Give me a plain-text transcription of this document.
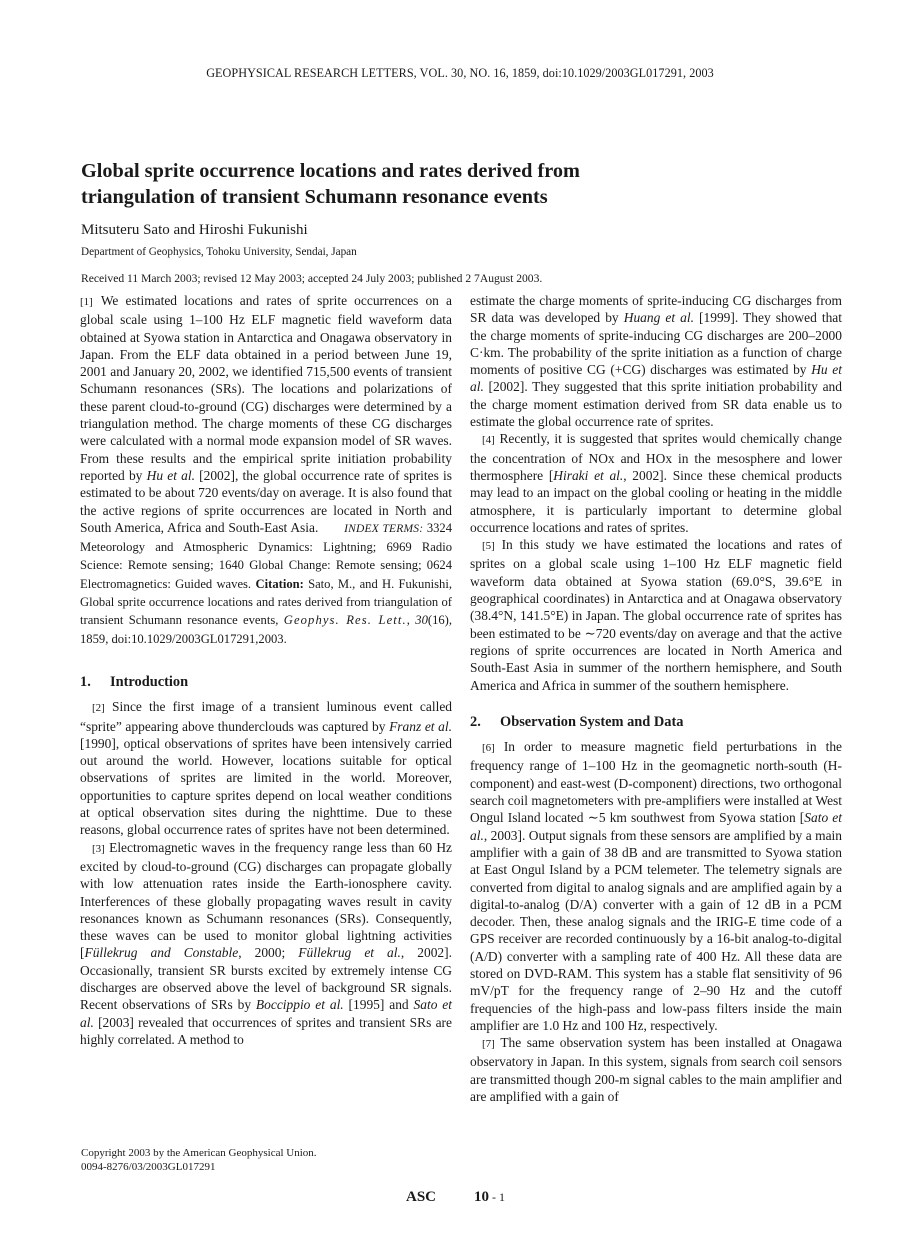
GEOPHYSICAL RESEARCH LETTERS, VOL. 30, NO. 16, 1859, doi:10.1029/2003GL017291, 2003
Global sprite occurrence locations and rates derived from
triangulation of transient Schumann resonance events
Mitsuteru Sato and Hiroshi Fukunishi
Department of Geophysics, Tohoku University, Sendai, Japan
Received 11 March 2003; revised 12 May 2003; accepted 24 July 2003; published 2 7August 2003.
[1] We estimated locations and rates of sprite occurrences on a global scale using 1–100 Hz ELF magnetic field waveform data obtained at Syowa station in Antarctica and Onagawa observatory in Japan. From the ELF data obtained in a period between June 19, 2001 and January 20, 2002, we identified 715,500 events of transient Schumann resonances (SRs). The locations and polarizations of these parent cloud-to-ground (CG) discharges were determined by a triangulation method. The charge moments of these CG discharges were calculated with a normal mode expansion model of SR waves. From these results and the empirical sprite initiation probability reported by Hu et al. [2002], the global occurrence rate of sprites is estimated to be about 720 events/day on average. It is also found that the active regions of sprite occurrences are located in North and South America, Africa and South-East Asia. INDEX TERMS: 3324 Meteorology and Atmospheric Dynamics: Lightning; 6969 Radio Science: Remote sensing; 1640 Global Change: Remote sensing; 0624 Electromagnetics: Guided waves. Citation: Sato, M., and H. Fukunishi, Global sprite occurrence locations and rates derived from triangulation of transient Schumann resonance events, Geophys. Res. Lett., 30(16), 1859, doi:10.1029/2003GL017291,2003.
1. Introduction
[2] Since the first image of a transient luminous event called “sprite” appearing above thunderclouds was captured by Franz et al. [1990], optical observations of sprites have been intensively carried out around the world. However, locations suitable for optical observations of sprites are limited in the world. Moreover, opportunities to capture sprites depend on local weather conditions at optical observation sites during the nighttime. Due to these reasons, global occurrence rates of sprites have not been determined.
[3] Electromagnetic waves in the frequency range less than 60 Hz excited by cloud-to-ground (CG) discharges can propagate globally with low attenuation rates inside the Earth-ionosphere cavity. Interferences of these globally propagating waves result in cavity resonances known as Schumann resonances (SRs). Consequently, these waves can be used to monitor global lightning activities [Füllekrug and Constable, 2000; Füllekrug et al., 2002]. Occasionally, transient SR bursts excited by extremely intense CG discharges are observed above the level of background SR signals. Recent observations of SRs by Boccippio et al. [1995] and Sato et al. [2003] revealed that occurrences of sprites and transient SRs are highly correlated. A method to
estimate the charge moments of sprite-inducing CG discharges from SR data was developed by Huang et al. [1999]. They showed that the charge moments of sprite-inducing CG discharges are 200–2000 C·km. The probability of the sprite initiation as a function of charge moments of positive CG (+CG) discharges was estimated by Hu et al. [2002]. They suggested that this sprite initiation probability and the charge moment estimation derived from SR data enable us to estimate the global occurrence rate of sprites.
[4] Recently, it is suggested that sprites would chemically change the concentration of NOx and HOx in the mesosphere and lower thermosphere [Hiraki et al., 2002]. Since these chemical products may lead to an impact on the global cooling or heating in the middle atmosphere, it is particularly important to determine global occurrence locations and rates of sprites.
[5] In this study we have estimated the locations and rates of sprites on a global scale using 1–100 Hz ELF magnetic field waveform data obtained at Syowa station (69.0°S, 39.6°E in geographical coordinates) in Antarctica and at Onagawa observatory (38.4°N, 141.5°E) in Japan. The global occurrence rate of sprites has been estimated to be ∼720 events/day on average and that the active regions of sprite occurrences are located in North America and South-East Asia in summer of the northern hemisphere, and South America and Africa in summer of the southern hemisphere.
2. Observation System and Data
[6] In order to measure magnetic field perturbations in the frequency range of 1–100 Hz in the geomagnetic north-south (H-component) and east-west (D-component) directions, two orthogonal search coil magnetometers with pre-amplifiers were installed at West Ongul Island located ∼5 km southwest from Syowa station [Sato et al., 2003]. Output signals from these sensors are amplified by a main amplifier with a gain of 38 dB and are transmitted to Syowa station at East Ongul Island by a PCM telemeter. The telemetry signals are converted from digital to analog signals and are amplified again by a digital-to-analog (D/A) converter with a gain of 12 dB in a PCM decoder. Then, these analog signals and the IRIG-E time code of a GPS receiver are recorded continuously by a 16-bit analog-to-digital (A/D) converter with a sampling rate of 400 Hz. All these data are stored on DVD-RAM. This system has a stable flat sensitivity of 96 mV/pT for the frequency range of 2–90 Hz and the cutoff frequencies of the high-pass and low-pass filters inside the main amplifier are 1.0 Hz and 100 Hz, respectively.
[7] The same observation system has been installed at Onagawa observatory in Japan. In this system, signals from search coil sensors are transmitted though 200-m signal cables to the main amplifier and are amplified with a gain of
Copyright 2003 by the American Geophysical Union.
0094-8276/03/2003GL017291
ASC	10 - 1
